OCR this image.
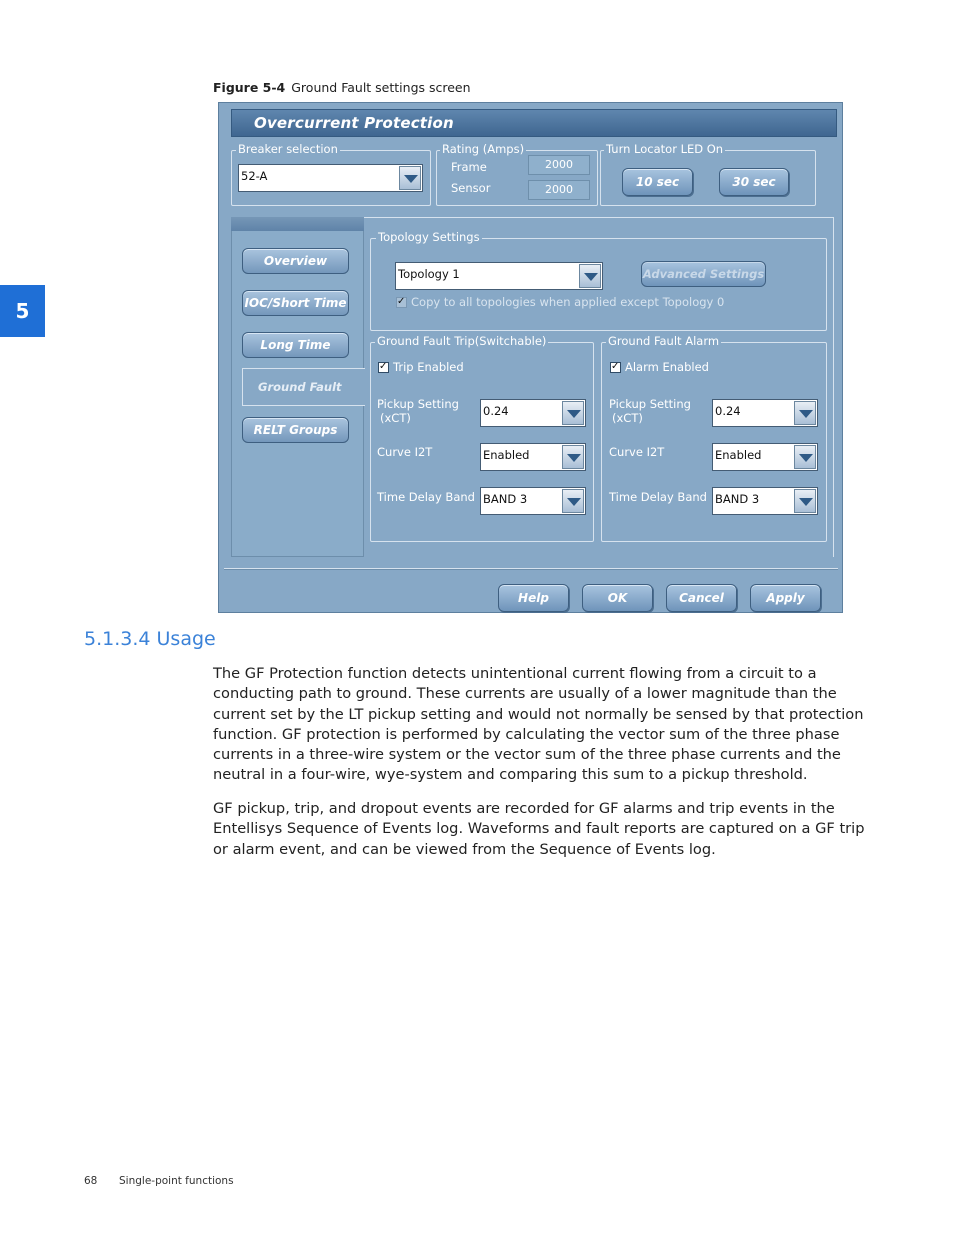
5
Figure 5-4 Ground Fault settings screen
Overcurrent Protection
Breaker selection
52-A
Rating (Amps)
Frame	2000
Sensor	2000
Turn Locator LED On
10 sec	30 sec
Overview
IOC/Short Time
Long Time
Ground Fault
RELT Groups
Topology Settings
Topology 1	Advanced Settings
✓
Copy to all topologies when applied except Topology 0
Ground Fault Trip(Switchable)
✓
Trip Enabled
Pickup Setting
(xCT)	0.24
Curve I2T	Enabled
Time Delay Band BAND 3
Ground Fault Alarm
✓
Alarm Enabled
Pickup Setting
(xCT)	0.24
Curve I2T	Enabled
Time Delay Band BAND 3
Help	OK	Cancel	Apply
5.1.3.4 Usage
The GF Protection function detects unintentional current flowing from a circuit to a conducting path to ground. These currents are usually of a lower magnitude than the current set by the LT pickup setting and would not normally be sensed by that protection function. GF protection is performed by calculating the vector sum of the three phase currents in a three-wire system or the vector sum of the three phase currents and the neutral in a four-wire, wye-system and comparing this sum to a pickup threshold.
GF pickup, trip, and dropout events are recorded for GF alarms and trip events in the Entellisys Sequence of Events log. Waveforms and fault reports are captured on a GF trip or alarm event, and can be viewed from the Sequence of Events log.
68 Single-point functions
